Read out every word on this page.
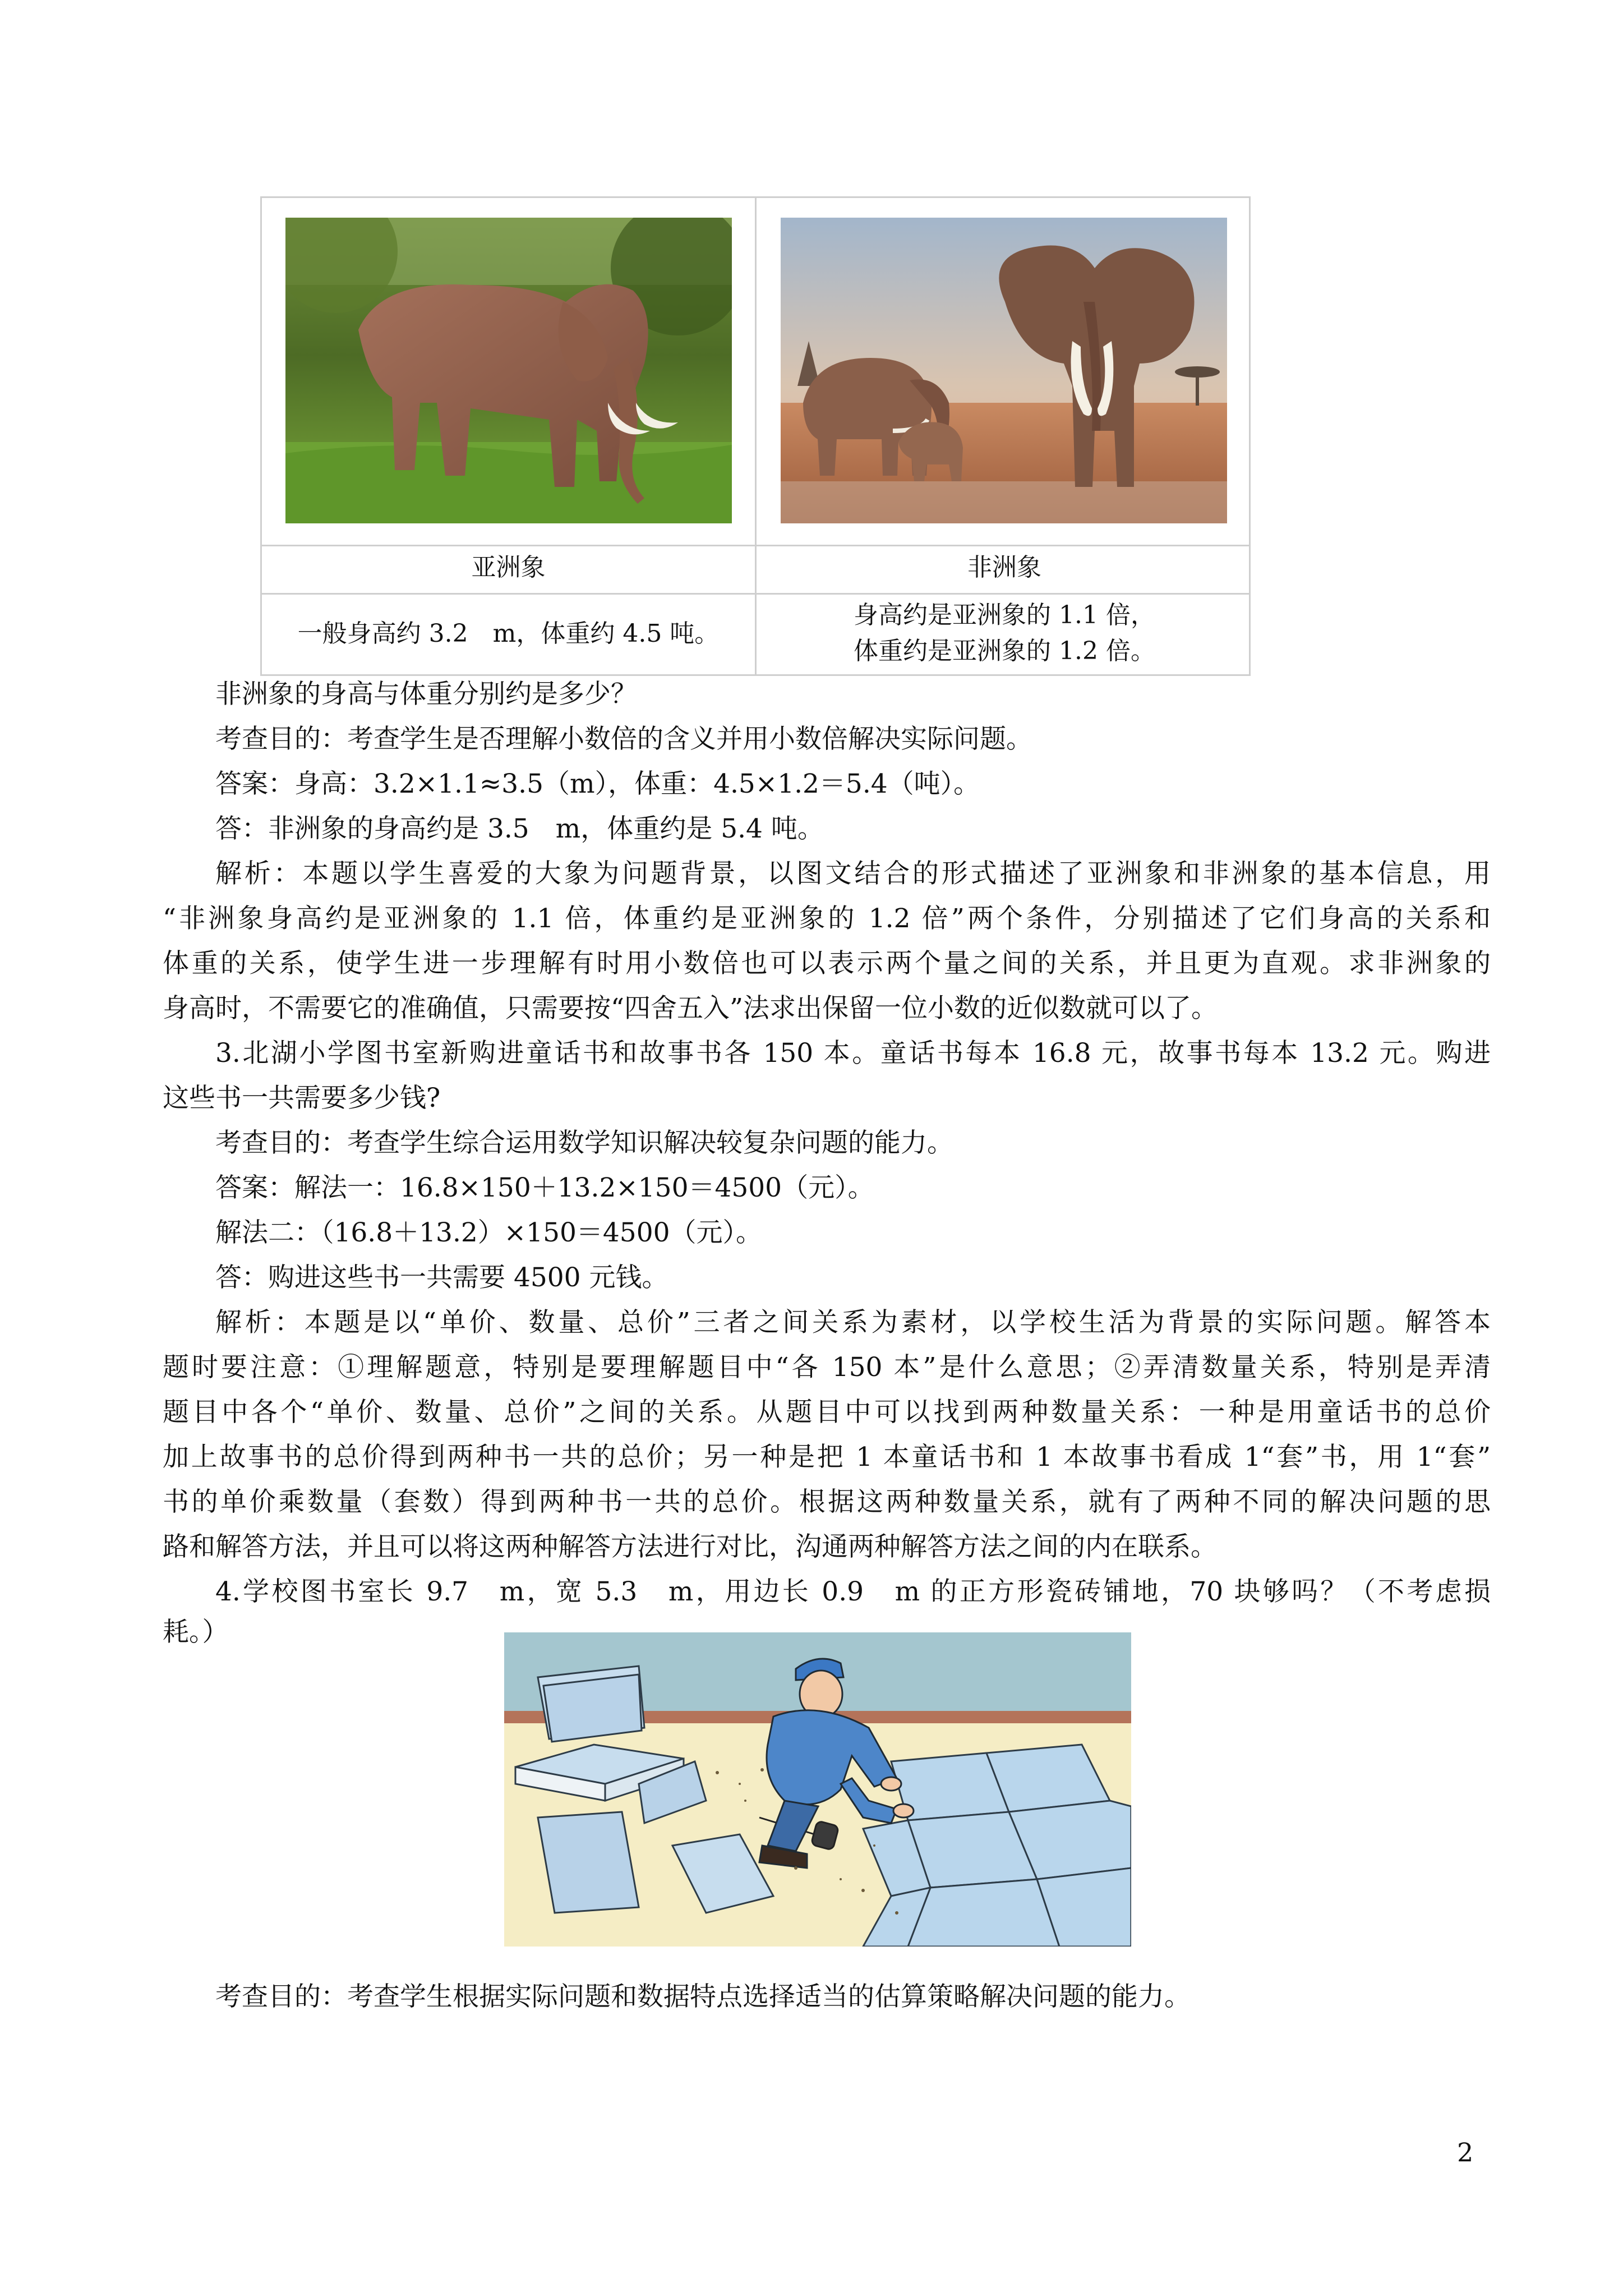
亚洲象	非洲象
一般身高约 3.2　m，体重约 4.5 吨。
身高约是亚洲象的 1.1 倍，
体重约是亚洲象的 1.2 倍。
非洲象的身高与体重分别约是多少？
考查目的：考查学生是否理解小数倍的含义并用小数倍解决实际问题。
答案：身高：3.2×1.1≈3.5（m），体重：4.5×1.2＝5.4（吨）。
答：非洲象的身高约是 3.5　m，体重约是 5.4 吨。
解析：本题以学生喜爱的大象为问题背景，以图文结合的形式描述了亚洲象和非洲象的基本信息，用
“非洲象身高约是亚洲象的 1.1 倍，体重约是亚洲象的 1.2 倍”两个条件，分别描述了它们身高的关系和
体重的关系，使学生进一步理解有时用小数倍也可以表示两个量之间的关系，并且更为直观。求非洲象的
身高时，不需要它的准确值，只需要按“四舍五入”法求出保留一位小数的近似数就可以了。
3.北湖小学图书室新购进童话书和故事书各 150 本。童话书每本 16.8 元，故事书每本 13.2 元。购进
这些书一共需要多少钱?
考查目的：考查学生综合运用数学知识解决较复杂问题的能力。
答案：解法一：16.8×150＋13.2×150＝4500（元）。
解法二：（16.8＋13.2）×150＝4500（元）。
答：购进这些书一共需要 4500 元钱。
解析：本题是以“单价、数量、总价”三者之间关系为素材，以学校生活为背景的实际问题。解答本
题时要注意：①理解题意，特别是要理解题目中“各 150 本”是什么意思；②弄清数量关系，特别是弄清
题目中各个“单价、数量、总价”之间的关系。从题目中可以找到两种数量关系：一种是用童话书的总价
加上故事书的总价得到两种书一共的总价；另一种是把 1 本童话书和 1 本故事书看成 1“套”书，用 1“套”
书的单价乘数量（套数）得到两种书一共的总价。根据这两种数量关系，就有了两种不同的解决问题的思
路和解答方法，并且可以将这两种解答方法进行对比，沟通两种解答方法之间的内在联系。
4.学校图书室长 9.7　m，宽 5.3　m，用边长 0.9　m 的正方形瓷砖铺地，70 块够吗？（不考虑损
耗。）
考查目的：考查学生根据实际问题和数据特点选择适当的估算策略解决问题的能力。
2
